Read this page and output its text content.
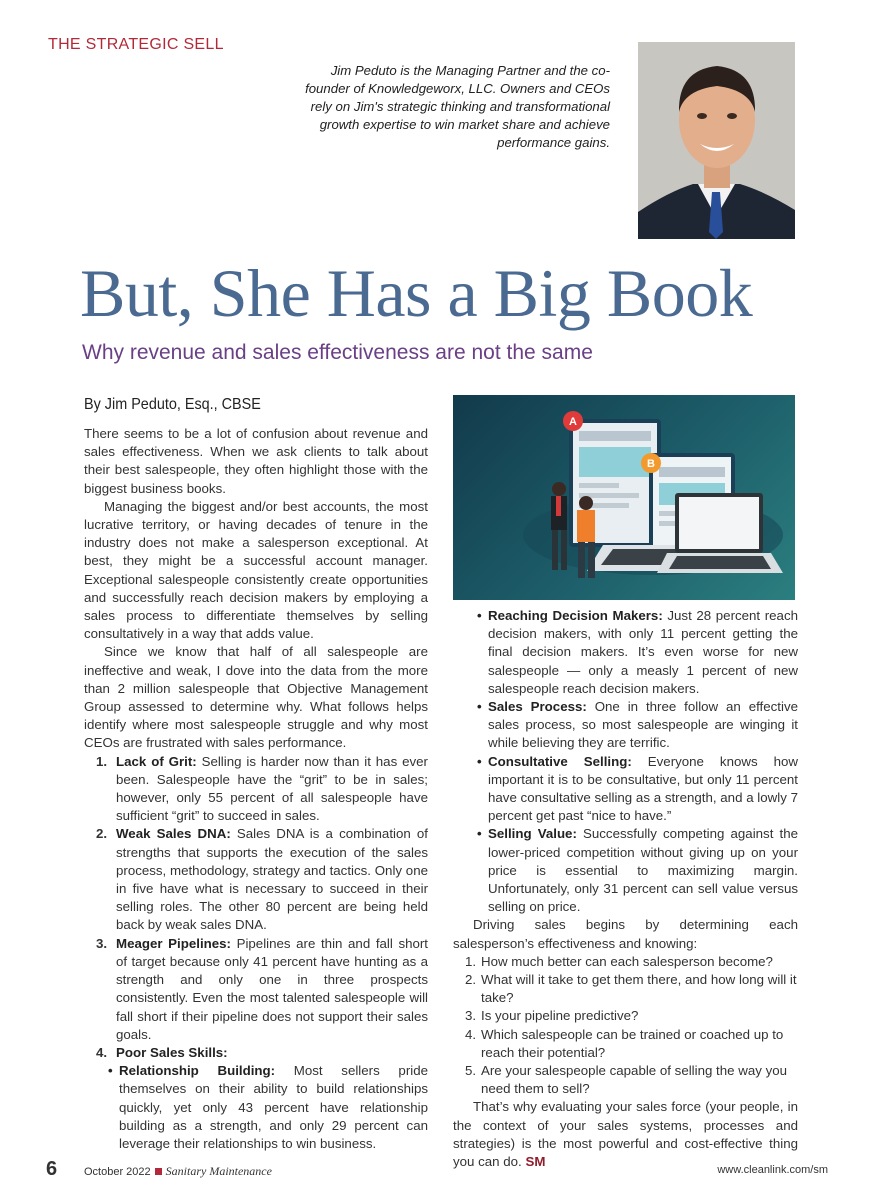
THE STRATEGIC SELL
Jim Peduto is the Managing Partner and the co-founder of Knowledgeworx, LLC. Owners and CEOs rely on Jim's strategic thinking and transformational growth expertise to win market share and achieve performance gains.
But, She Has a Big Book
Why revenue and sales effectiveness are not the same
By Jim Peduto, Esq., CBSE
A
B

There seems to be a lot of confusion about revenue and sales effectiveness. When we ask clients to talk about their best salespeople, they often highlight those with the biggest business books.

Managing the biggest and/or best accounts, the most lucrative territory, or having decades of tenure in the industry does not make a salesperson exceptional. At best, they might be a successful account manager. Exceptional salespeople consistently create opportunities and successfully reach decision makers by employing a sales process to differentiate themselves by selling consultatively in a way that adds value.

Since we know that half of all salespeople are ineffective and weak, I dove into the data from the more than 2 million salespeople that Objective Management Group assessed to determine why. What follows helps identify where most salespeople struggle and why most CEOs are frustrated with sales performance.

1. Lack of Grit: Selling is harder now than it has ever been. Salespeople have the “grit” to be in sales; however, only 55 percent of all salespeople have sufficient “grit” to succeed in sales.
2. Weak Sales DNA: Sales DNA is a combination of strengths that supports the execution of the sales process, methodology, strategy and tactics. Only one in five have what is necessary to succeed in their selling roles. The other 80 percent are being held back by weak sales DNA.
3. Meager Pipelines: Pipelines are thin and fall short of target because only 41 percent have hunting as a strength and only one in three prospects consistently. Even the most talented salespeople will fall short if their pipeline does not support their sales goals.
4. Poor Sales Skills:
• Relationship Building: Most sellers pride themselves on their ability to build relationships quickly, yet only 43 percent have relationship building as a strength, and only 29 percent can leverage their relationships to win business.
• Reaching Decision Makers: Just 28 percent reach decision makers, with only 11 percent getting the final decision makers. It’s even worse for new salespeople — only a measly 1 percent of new salespeople reach decision makers.
• Sales Process: One in three follow an effective sales process, so most salespeople are winging it while believing they are terrific.
• Consultative Selling: Everyone knows how important it is to be consultative, but only 11 percent have consultative selling as a strength, and a lowly 7 percent get past “nice to have.”
• Selling Value: Successfully competing against the lower-priced competition without giving up on your price is essential to maximizing margin. Unfortunately, only 31 percent can sell value versus selling on price.

Driving sales begins by determining each salesperson’s effectiveness and knowing:

1. How much better can each salesperson become?
2. What will it take to get them there, and how long will it take?
3. Is your pipeline predictive?
4. Which salespeople can be trained or coached up to reach their potential?
5. Are your salespeople capable of selling the way you need them to sell?

That’s why evaluating your sales force (your people, in the context of your sales systems, processes and strategies) is the most powerful and cost-effective thing you can do. SM

6 October 2022 Sanitary Maintenance	www.cleanlink.com/sm
